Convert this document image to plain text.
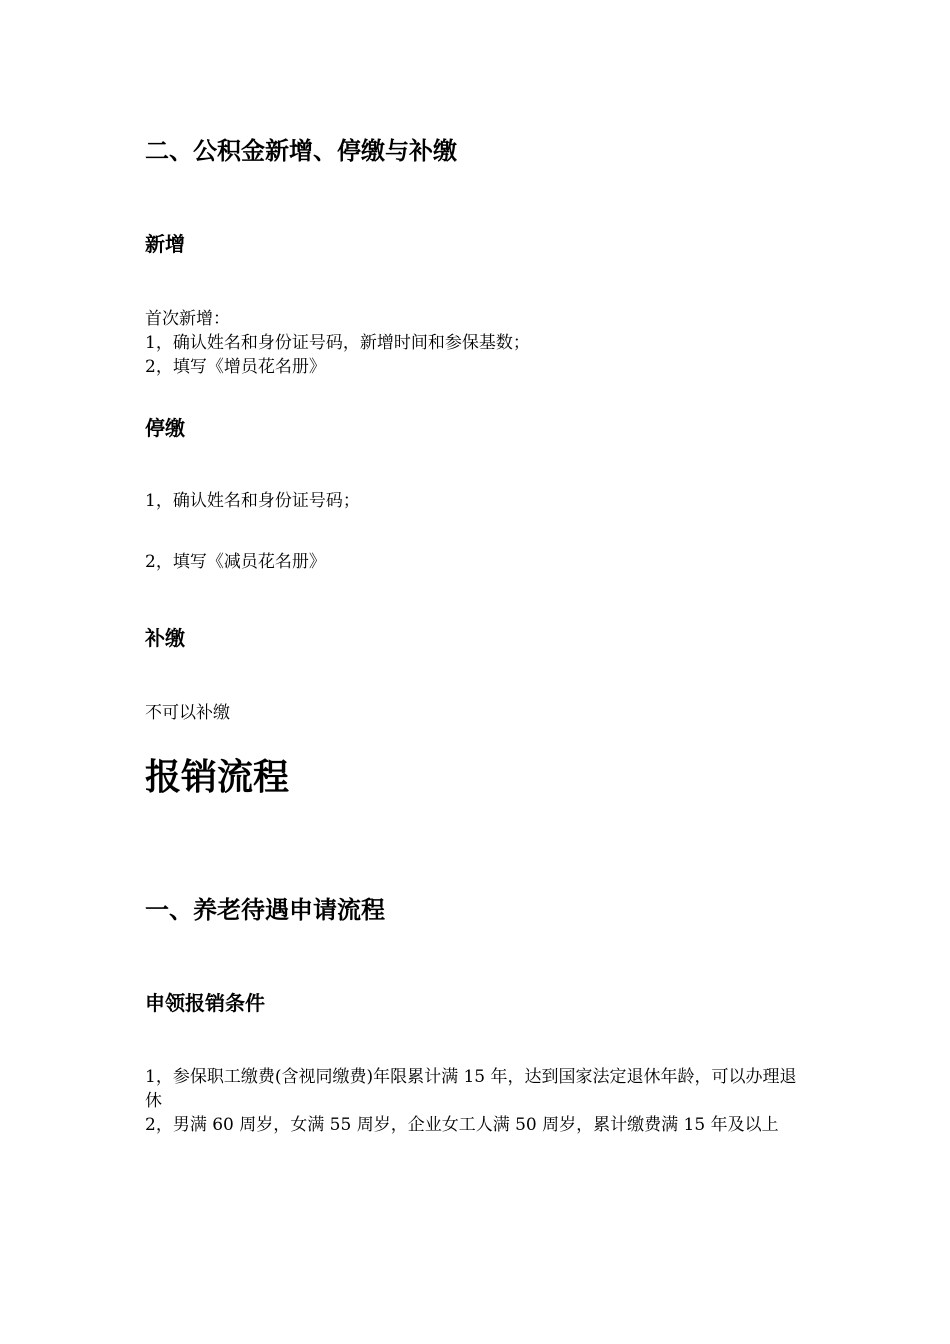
二、公积金新增、停缴与补缴
新增

首次新增：

1，确认姓名和身份证号码，新增时间和参保基数；

2，填写《增员花名册》

停缴

1，确认姓名和身份证号码；

2，填写《减员花名册》

补缴

不可以补缴

报销流程
一、养老待遇申请流程
申领报销条件

1，参保职工缴费(含视同缴费)年限累计满 15 年，达到国家法定退休年龄，可以办理退休

2，男满 60 周岁，女满 55 周岁，企业女工人满 50 周岁，累计缴费满 15 年及以上
